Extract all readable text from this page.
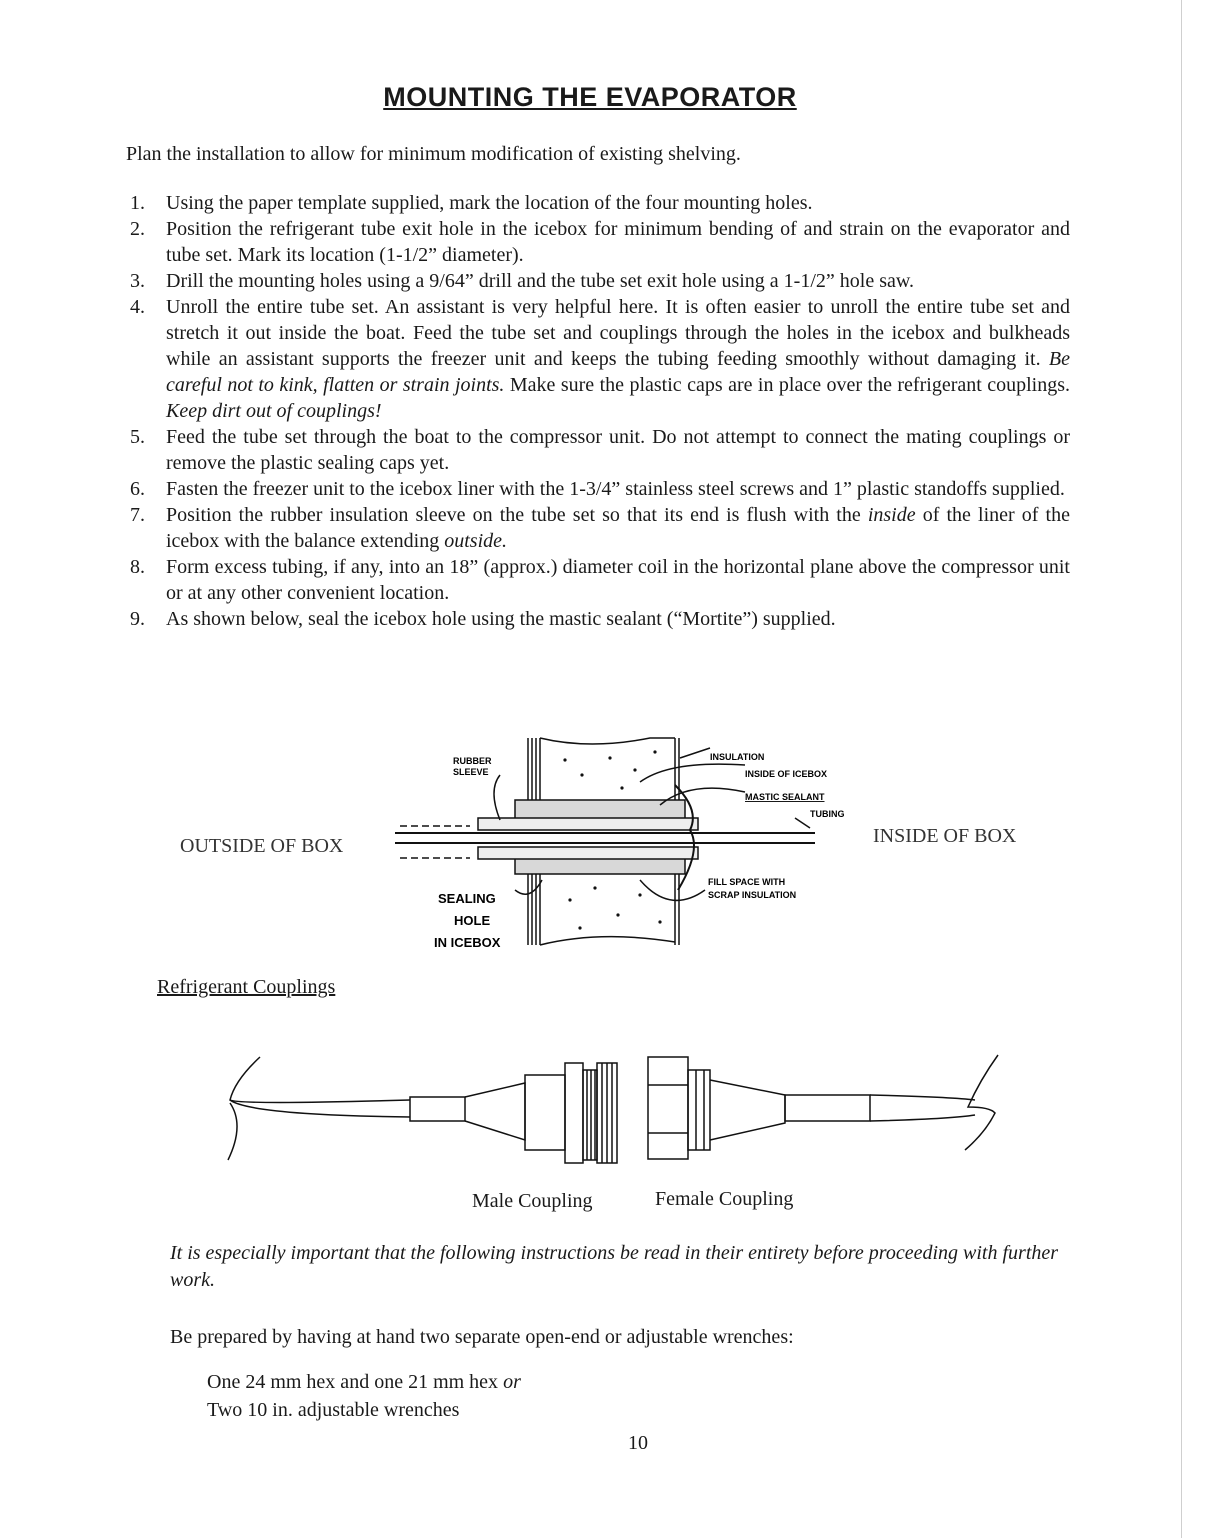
MOUNTING THE EVAPORATOR
Plan the installation to allow for minimum modification of existing shelving.
1.	Using the paper template supplied, mark the location of the four mounting holes.
2.	Position the refrigerant tube exit hole in the icebox for minimum bending of and strain on the evaporator and tube set. Mark its location (1-1/2” diameter).
3.	Drill the mounting holes using a 9/64” drill and the tube set exit hole using a 1-1/2” hole saw.
4.	Unroll the entire tube set. An assistant is very helpful here. It is often easier to unroll the entire tube set and stretch it out inside the boat. Feed the tube set and couplings through the holes in the icebox and bulkheads while an assistant supports the freezer unit and keeps the tubing feeding smoothly without damaging it. Be careful not to kink, flatten or strain joints. Make sure the plastic caps are in place over the refrigerant couplings. Keep dirt out of couplings!
5.	Feed the tube set through the boat to the compressor unit. Do not attempt to connect the mating couplings or remove the plastic sealing caps yet.
6.	Fasten the freezer unit to the icebox liner with the 1-3/4” stainless steel screws and 1” plastic standoffs supplied.
7.	Position the rubber insulation sleeve on the tube set so that its end is flush with the inside of the liner of the icebox with the balance extending outside.
8.	Form excess tubing, if any, into an 18” (approx.) diameter coil in the horizontal plane above the compressor unit or at any other convenient location.
9.	As shown below, seal the icebox hole using the mastic sealant (“Mortite”) supplied.
RUBBER
SLEEVE
INSULATION
INSIDE OF ICEBOX
MASTIC SEALANT
TUBING
FILL SPACE WITH
SCRAP INSULATION
SEALING
HOLE
IN ICEBOX
OUTSIDE OF BOX	INSIDE OF BOX
Refrigerant Couplings
Male Coupling	Female Coupling
It is especially important that the following instructions be read in their entirety before proceeding with further work.
Be prepared by having at hand two separate open-end or adjustable wrenches:
One 24 mm hex and one 21 mm hex or
Two 10 in. adjustable wrenches
10
